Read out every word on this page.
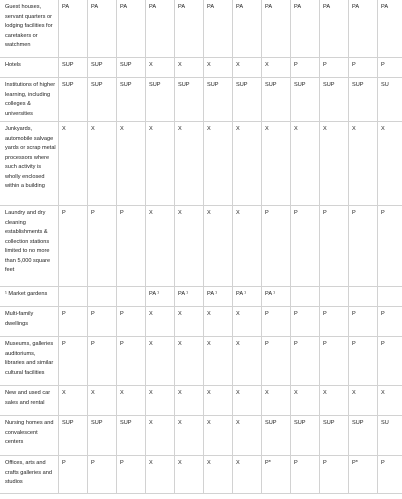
Guest houses, servant quarters or lodging facilities for caretakers or watchmen	PA	PA	PA	PA	PA	PA	PA	PA	PA	PA	PA	PA
Hotels	SUP	SUP	SUP	X	X	X	X	X	P	P	P	P
Institutions of higher learning, including colleges & universities	SUP	SUP	SUP	SUP	SUP	SUP	SUP	SUP	SUP	SUP	SUP	SU
Junkyards, automobile salvage yards or scrap metal processors where such activity is wholly enclosed within a building	X	X	X	X	X	X	X	X	X	X	X	X
Laundry and dry cleaning establishments & collection stations limited to no more than 5,000 square feet	P	P	P	X	X	X	X	P	P	P	P	P
¹ Market gardens				PA ¹	PA ¹	PA ¹	PA ¹	PA ¹				
Multi-family dwellings	P	P	P	X	X	X	X	P	P	P	P	P
Museums, galleries auditoriums, libraries and similar cultural facilities	P	P	P	X	X	X	X	P	P	P	P	P
New and used car sales and rental	X	X	X	X	X	X	X	X	X	X	X	X
Nursing homes and convalescent centers	SUP	SUP	SUP	X	X	X	X	SUP	SUP	SUP	SUP	SU
Offices, arts and crafts galleries and studios	P	P	P	X	X	X	X	P*	P	P	P*	P
